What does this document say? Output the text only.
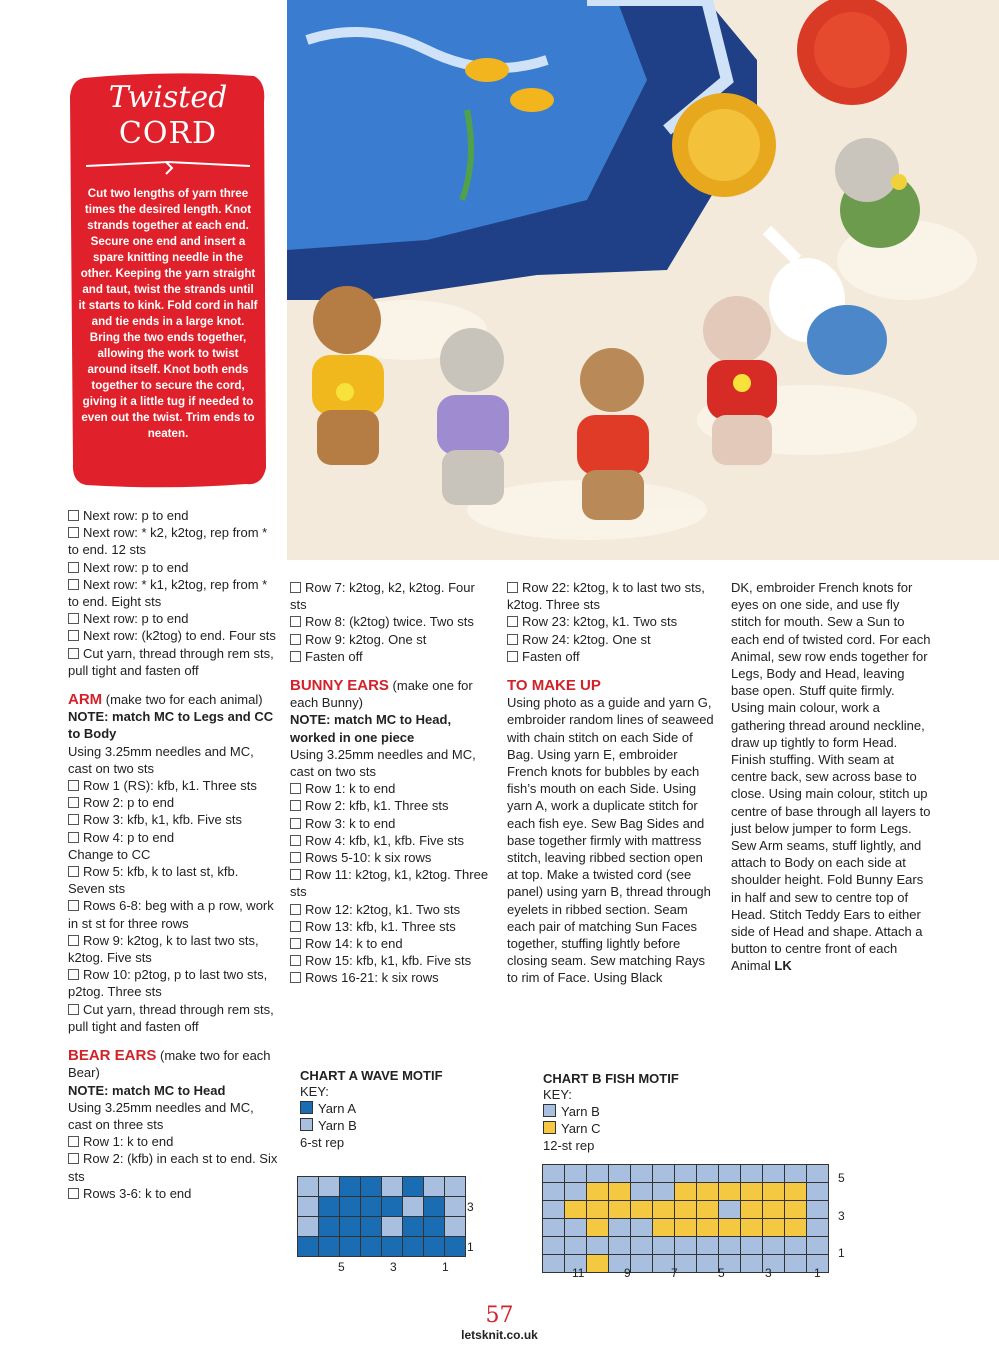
Twisted
CORD
Cut two lengths of yarn three times the desired length. Knot strands together at each end. Secure one end and insert a spare knitting needle in the other. Keeping the yarn straight and taut, twist the strands until it starts to kink. Fold cord in half and tie ends in a large knot. Bring the two ends together, allowing the work to twist around itself. Knot both ends together to secure the cord, giving it a little tug if needed to even out the twist. Trim ends to neaten.

Next row: p to end

Next row: * k2, k2tog, rep from * to end. 12 sts

Next row: p to end

Next row: * k1, k2tog, rep from * to end. Eight sts

Next row: p to end

Next row: (k2tog) to end. Four sts

Cut yarn, thread through rem sts, pull tight and fasten off

ARM (make two for each animal)

NOTE: match MC to Legs and CC to Body

Using 3.25mm needles and MC, cast on two sts

Row 1 (RS): kfb, k1. Three sts

Row 2: p to end

Row 3: kfb, k1, kfb. Five sts

Row 4: p to end

Change to CC

Row 5: kfb, k to last st, kfb. Seven sts

Rows 6-8: beg with a p row, work in st st for three rows

Row 9: k2tog, k to last two sts, k2tog. Five sts

Row 10: p2tog, p to last two sts, p2tog. Three sts

Cut yarn, thread through rem sts, pull tight and fasten off

BEAR EARS (make two for each Bear)

NOTE: match MC to Head

Using 3.25mm needles and MC, cast on three sts

Row 1: k to end

Row 2: (kfb) in each st to end. Six sts

Rows 3-6: k to end

Row 7: k2tog, k2, k2tog. Four sts

Row 8: (k2tog) twice. Two sts

Row 9: k2tog. One st

Fasten off

BUNNY EARS (make one for each Bunny)

NOTE: match MC to Head, worked in one piece

Using 3.25mm needles and MC, cast on two sts

Row 1: k to end

Row 2: kfb, k1. Three sts

Row 3: k to end

Row 4: kfb, k1, kfb. Five sts

Rows 5-10: k six rows

Row 11: k2tog, k1, k2tog. Three sts

Row 12: k2tog, k1. Two sts

Row 13: kfb, k1. Three sts

Row 14: k to end

Row 15: kfb, k1, kfb. Five sts

Rows 16-21: k six rows

Row 22: k2tog, k to last two sts, k2tog. Three sts

Row 23: k2tog, k1. Two sts

Row 24: k2tog. One st

Fasten off

TO MAKE UP

Using photo as a guide and yarn G, embroider random lines of seaweed with chain stitch on each Side of Bag. Using yarn E, embroider French knots for bubbles by each fish’s mouth on each Side. Using yarn A, work a duplicate stitch for each fish eye. Sew Bag Sides and base together firmly with mattress stitch, leaving ribbed section open at top. Make a twisted cord (see panel) using yarn B, thread through eyelets in ribbed section. Seam each pair of matching Sun Faces together, stuffing lightly before closing seam. Sew matching Rays to rim of Face. Using Black

DK, embroider French knots for eyes on one side, and use fly stitch for mouth. Sew a Sun to each end of twisted cord. For each Animal, sew row ends together for Legs, Body and Head, leaving base open. Stuff quite firmly. Using main colour, work a gathering thread around neckline, draw up tightly to form Head. Finish stuffing. With seam at centre back, sew across base to close. Using main colour, stitch up centre of base through all layers to just below jumper to form Legs. Sew Arm seams, stuff lightly, and attach to Body on each side at shoulder height. Fold Bunny Ears in half and sew to centre top of Head. Stitch Teddy Ears to either side of Head and shape. Attach a button to centre front of each Animal LK

CHART A WAVE MOTIF
KEY:
Yarn A
Yarn B
6-st rep

3
1
5	3	1
CHART B FISH MOTIF
KEY:
Yarn B
Yarn C
12-st rep

5
3
1
11	9	7	5	3	1
57
letsknit.co.uk
